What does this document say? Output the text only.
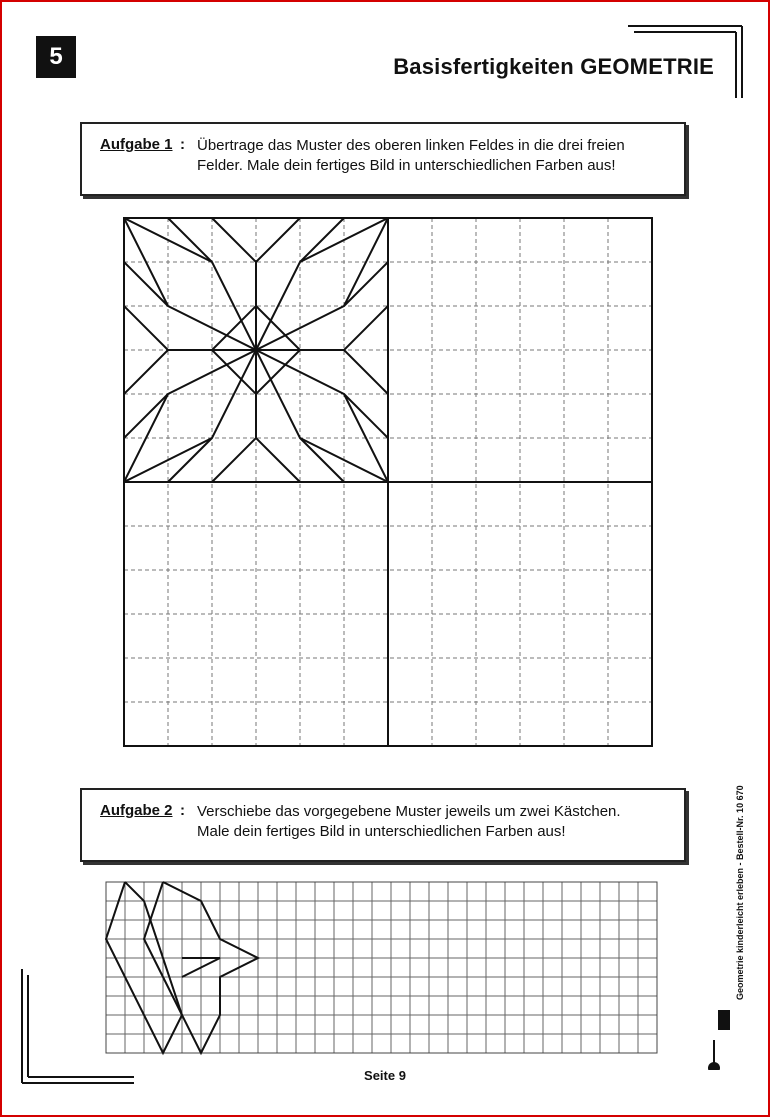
5	Basisfertigkeiten GEOMETRIE
Aufgabe 1 : Übertrage das Muster des oberen linken Feldes in die drei freien
Felder. Male dein fertiges Bild in unterschiedlichen Farben aus!
Aufgabe 2 : Verschiebe das vorgegebene Muster jeweils um zwei Kästchen.
Male dein fertiges Bild in unterschiedlichen Farben aus!
Seite 9
Geometrie kinderleicht erleben - Bestell-Nr. 10 670
